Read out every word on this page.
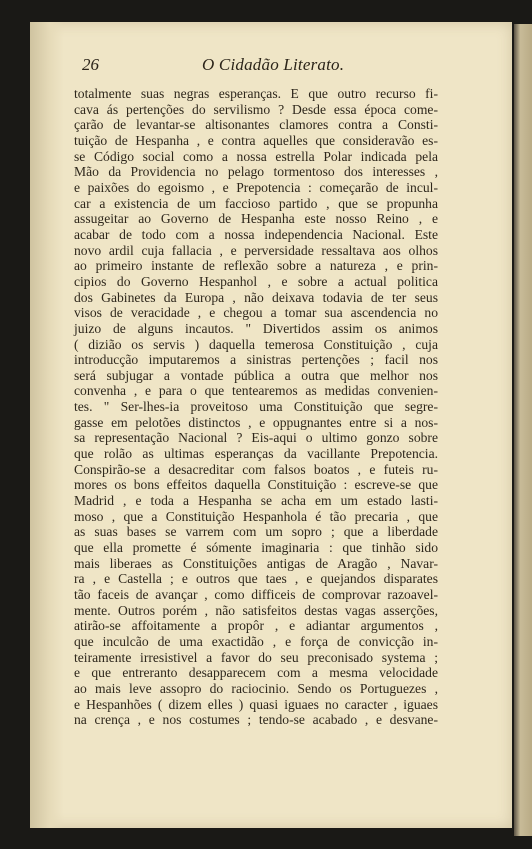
26	O Cidadão Literato.
totalmente suas negras esperanças. E que outro recurso fi-
cava ás pertenções do servilismo ? Desde essa época come-
çarão de levantar-se altisonantes clamores contra a Consti-
tuição de Hespanha , e contra aquelles que consideravão es-
se Código social como a nossa estrella Polar indicada pela
Mão da Providencia no pelago tormentoso dos interesses ,
e paixões do egoismo , e Prepotencia : começarão de incul-
car a existencia de um faccioso partido , que se propunha
assugeitar ao Governo de Hespanha este nosso Reino , e
acabar de todo com a nossa independencia Nacional. Este
novo ardil cuja fallacia , e perversidade ressaltava aos olhos
ao primeiro instante de reflexão sobre a natureza , e prin-
cipios do Governo Hespanhol , e sobre a actual politica
dos Gabinetes da Europa , não deixava todavia de ter seus
visos de veracidade , e chegou a tomar sua ascendencia no
juizo de alguns incautos. " Divertidos assim os animos
( dizião os servis ) daquella temerosa Constituição , cuja
introducção imputaremos a sinistras pertenções ; facil nos
será subjugar a vontade pública a outra que melhor nos
convenha , e para o que tentearemos as medidas convenien-
tes. " Ser-lhes-ia proveitoso uma Constituição que segre-
gasse em pelotões distinctos , e oppugnantes entre si a nos-
sa representação Nacional ? Eis-aqui o ultimo gonzo sobre
que rolão as ultimas esperanças da vacillante Prepotencia.
Conspirão-se a desacreditar com falsos boatos , e futeis ru-
mores os bons effeitos daquella Constituição : escreve-se que
Madrid , e toda a Hespanha se acha em um estado lasti-
moso , que a Constituição Hespanhola é tão precaria , que
as suas bases se varrem com um sopro ; que a liberdade
que ella promette é sómente imaginaria : que tinhão sido
mais liberaes as Constituições antigas de Aragão , Navar-
ra , e Castella ; e outros que taes , e quejandos disparates
tão faceis de avançar , como difficeis de comprovar razoavel-
mente. Outros porém , não satisfeitos destas vagas asserções,
atirão-se affoitamente a propôr , e adiantar argumentos ,
que inculcão de uma exactidão , e força de convicção in-
teiramente irresistivel a favor do seu preconisado systema ;
e que entreranto desapparecem com a mesma velocidade
ao mais leve assopro do raciocinio. Sendo os Portuguezes ,
e Hespanhões ( dizem elles ) quasi iguaes no caracter , iguaes
na crença , e nos costumes ; tendo-se acabado , e desvane-
